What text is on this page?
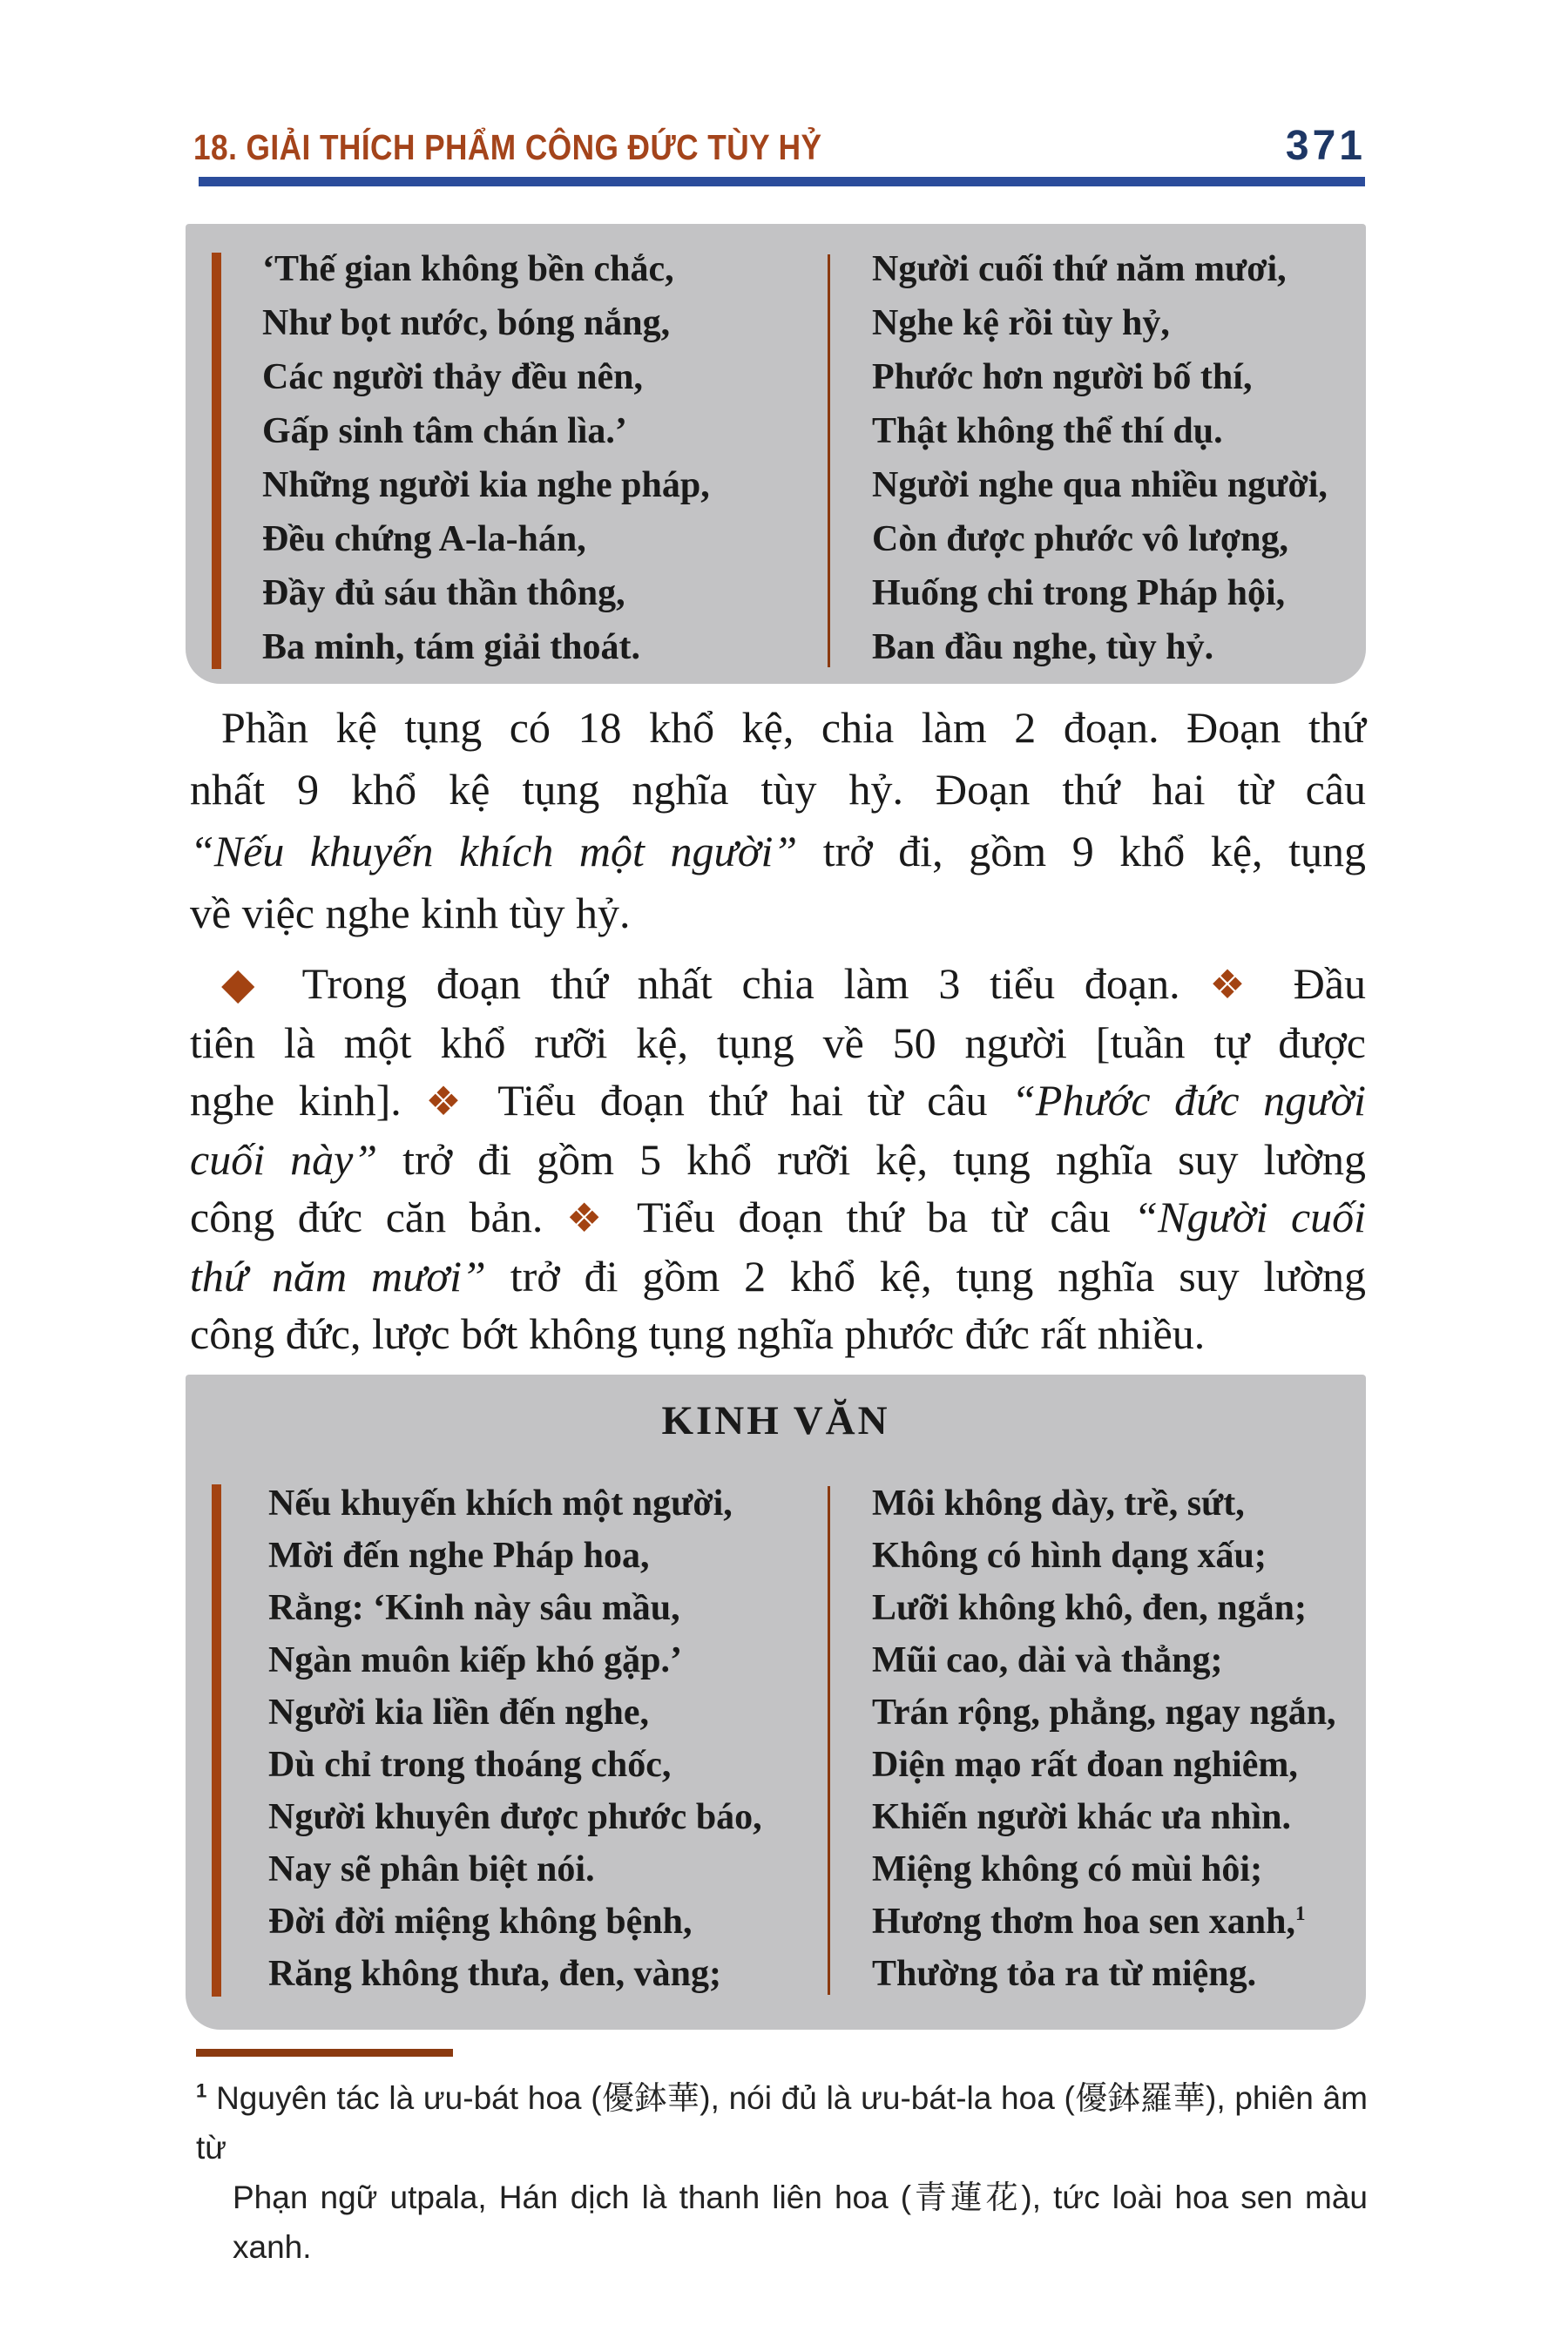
18. GIẢI THÍCH PHẨM CÔNG ĐỨC TÙY HỶ	371
‘Thế gian không bền chắc,
Như bọt nước, bóng nắng,
Các người thảy đều nên,
Gấp sinh tâm chán lìa.’
Những người kia nghe pháp,
Đều chứng A-la-hán,
Đầy đủ sáu thần thông,
Ba minh, tám giải thoát.
Người cuối thứ năm mươi,
Nghe kệ rồi tùy hỷ,
Phước hơn người bố thí,
Thật không thể thí dụ.
Người nghe qua nhiều người,
Còn được phước vô lượng,
Huống chi trong Pháp hội,
Ban đầu nghe, tùy hỷ.
Phần kệ tụng có 18 khổ kệ, chia làm 2 đoạn. Đoạn thứ
nhất 9 khổ kệ tụng nghĩa tùy hỷ. Đoạn thứ hai từ câu
“Nếu khuyến khích một người” trở đi, gồm 9 khổ kệ, tụng
về việc nghe kinh tùy hỷ.
◆ Trong đoạn thứ nhất chia làm 3 tiểu đoạn. ❖ Đầu
tiên là một khổ rưỡi kệ, tụng về 50 người [tuần tự được
nghe kinh]. ❖ Tiểu đoạn thứ hai từ câu “Phước đức người
cuối này” trở đi gồm 5 khổ rưỡi kệ, tụng nghĩa suy lường
công đức căn bản. ❖ Tiểu đoạn thứ ba từ câu “Người cuối
thứ năm mươi” trở đi gồm 2 khổ kệ, tụng nghĩa suy lường
công đức, lược bớt không tụng nghĩa phước đức rất nhiều.
KINH VĂN
Nếu khuyến khích một người,
Mời đến nghe Pháp hoa,
Rằng: ‘Kinh này sâu mầu,
Ngàn muôn kiếp khó gặp.’
Người kia liền đến nghe,
Dù chỉ trong thoáng chốc,
Người khuyên được phước báo,
Nay sẽ phân biệt nói.
Đời đời miệng không bệnh,
Răng không thưa, đen, vàng;
Môi không dày, trề, sứt,
Không có hình dạng xấu;
Lưỡi không khô, đen, ngắn;
Mũi cao, dài và thẳng;
Trán rộng, phẳng, ngay ngắn,
Diện mạo rất đoan nghiêm,
Khiến người khác ưa nhìn.
Miệng không có mùi hôi;
Hương thơm hoa sen xanh,$^1$
Thường tỏa ra từ miệng.
$^1$ Nguyên tác là ưu-bát hoa (優鉢華), nói đủ là ưu-bát-la hoa (優鉢羅華), phiên âm từ
Phạn ngữ utpala, Hán dịch là thanh liên hoa (青蓮花), tức loài hoa sen màu xanh.
